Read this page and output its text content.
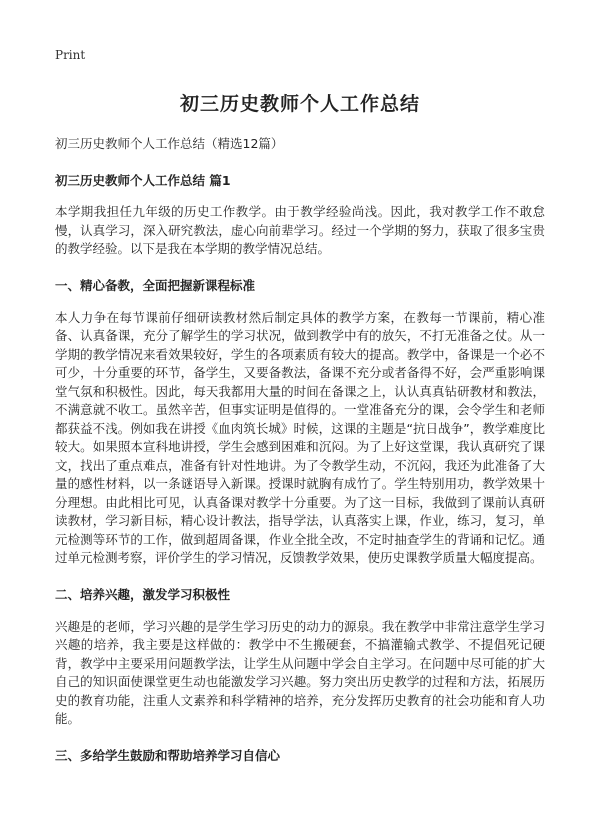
Print
初三历史教师个人工作总结
初三历史教师个人工作总结（精选12篇）
初三历史教师个人工作总结 篇1

本学期我担任九年级的历史工作教学。由于教学经验尚浅。因此，我对教学工作不敢怠慢，认真学习，深入研究教法，虚心向前辈学习。经过一个学期的努力，获取了很多宝贵的教学经验。以下是我在本学期的教学情况总结。

一、精心备教，全面把握新课程标准

本人力争在每节课前仔细研读教材然后制定具体的教学方案，在教每一节课前，精心准备、认真备课，充分了解学生的学习状况，做到教学中有的放矢，不打无准备之仗。从一学期的教学情况来看效果较好，学生的各项素质有较大的提高。教学中，备课是一个必不可少，十分重要的环节，备学生，又要备教法，备课不充分或者备得不好，会严重影响课堂气氛和积极性。因此，每天我都用大量的时间在备课之上，认认真真钻研教材和教法，不满意就不收工。虽然辛苦，但事实证明是值得的。一堂准备充分的课，会令学生和老师都获益不浅。例如我在讲授《血肉筑长城》时候，这课的主题是“抗日战争”，教学难度比较大。如果照本宣科地讲授，学生会感到困难和沉闷。为了上好这堂课，我认真研究了课文，找出了重点难点，准备有针对性地讲。为了令教学生动，不沉闷，我还为此准备了大量的感性材料，以一条谜语导入新课。授课时就胸有成竹了。学生特别用功，教学效果十分理想。由此相比可见，认真备课对教学十分重要。为了这一目标，我做到了课前认真研读教材，学习新目标，精心设计教法，指导学法，认真落实上课，作业，练习，复习，单元检测等环节的工作，做到超周备课，作业全批全改，不定时抽查学生的背诵和记忆。通过单元检测考察，评价学生的学习情况，反馈教学效果，使历史课教学质量大幅度提高。

二、培养兴趣，激发学习积极性

兴趣是的老师，学习兴趣的是学生学习历史的动力的源泉。我在教学中非常注意学生学习兴趣的培养，我主要是这样做的：教学中不生搬硬套，不搞灌输式教学、不提倡死记硬背，教学中主要采用问题教学法，让学生从问题中学会自主学习。在问题中尽可能的扩大自己的知识面使课堂更生动也能激发学习兴趣。努力突出历史教学的过程和方法，拓展历史的教育功能，注重人文素养和科学精神的培养，充分发挥历史教育的社会功能和育人功能。

三、多给学生鼓励和帮助培养学习自信心
